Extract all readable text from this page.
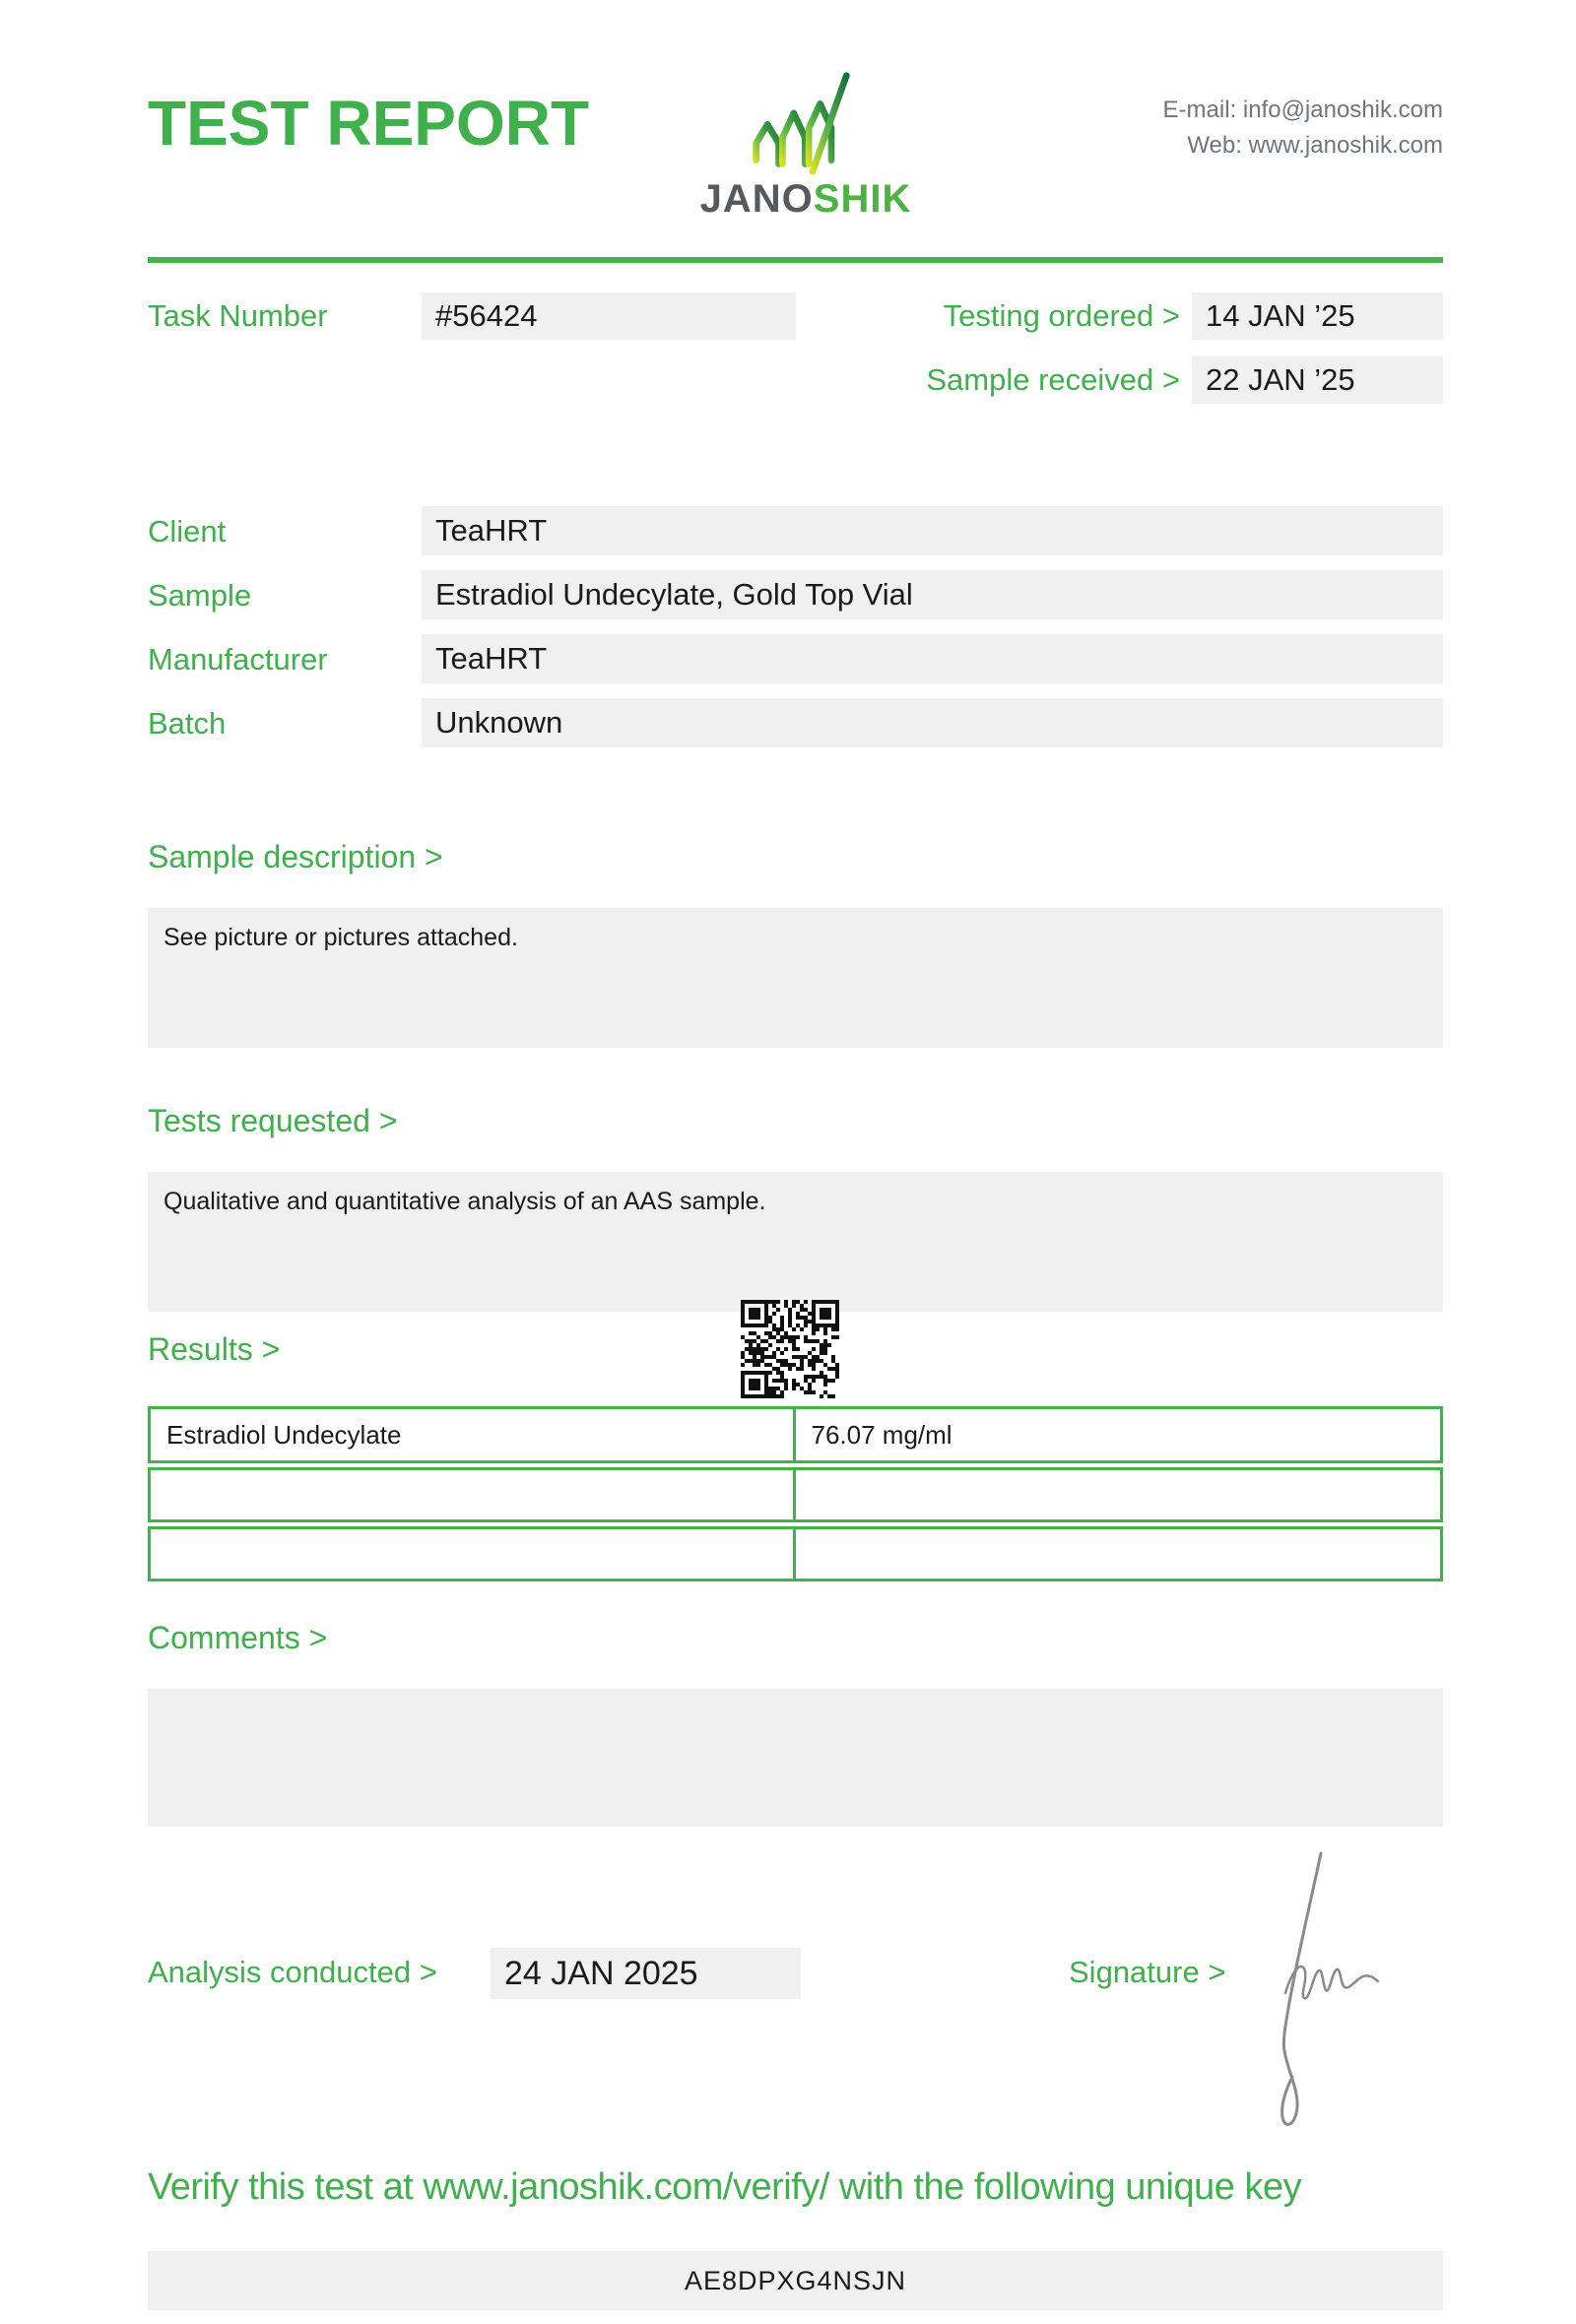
TEST REPORT
JANOSHIK
E-mail: info@janoshik.com
Web: www.janoshik.com
Task Number	#56424	Testing ordered > 14 JAN ’25
Sample received > 22 JAN ’25
Client	TeaHRT
Sample	Estradiol Undecylate, Gold Top Vial
Manufacturer	TeaHRT
Batch	Unknown
Sample description >
See picture or pictures attached.
Tests requested >
Qualitative and quantitative analysis of an AAS sample.
Results >
Estradiol Undecylate	76.07 mg/ml
Comments >
Analysis conducted >	24 JAN 2025	Signature >
Verify this test at www.janoshik.com/verify/ with the following unique key
AE8DPXG4NSJN
